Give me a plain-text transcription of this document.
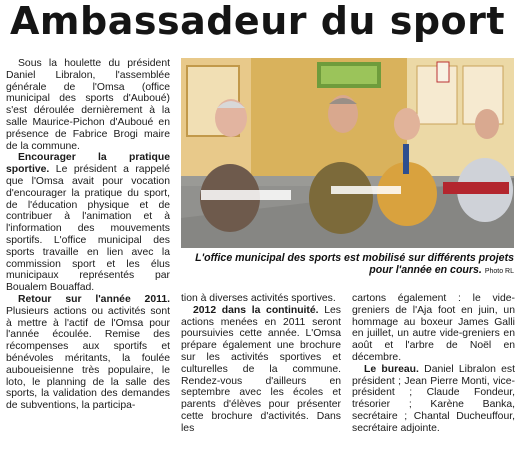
Ambassadeur du sport

Sous la houlette du président Daniel Libralon, l'assemblée générale de l'Omsa (office municipal des sports d'Auboué) s'est déroulée dernièrement à la salle Maurice-Pichon d'Auboué en présence de Fabrice Brogi maire de la commune.

Encourager la pratique sportive. Le président a rappelé que l'Omsa avait pour vocation d'encourager la pratique du sport, de l'éducation physique et de contribuer à l'animation et à l'information des mouvements sportifs. L'office municipal des sports travaille en lien avec la commission sport et les élus municipaux représentés par Boualem Bouaffad.

Retour sur l'année 2011. Plusieurs actions ou activités sont à mettre à l'actif de l'Omsa pour l'année écoulée. Remise des récompenses aux sportifs et bénévoles méritants, la foulée auboueisienne très populaire, le loto, le planning de la salle des sports, la validation des demandes de subventions, la participa-

L'office municipal des sports est mobilisé sur différents projets pour l'année en cours. Photo RL

tion à diverses activités sportives.

2012 dans la continuité. Les actions menées en 2011 seront poursuivies cette année. L'Omsa prépare également une brochure sur les activités sportives et culturelles de la commune. Rendez-vous d'ailleurs en septembre avec les écoles et parents d'élèves pour présenter cette brochure d'activités. Dans les

cartons également : le vide-greniers de l'Aja foot en juin, un hommage au boxeur James Galli en juillet, un autre vide-greniers en août et l'arbre de Noël en décembre.

Le bureau. Daniel Libralon est président ; Jean Pierre Monti, vice-président ; Claude Fondeur, trésorier ; Karène Banka, secrétaire ; Chantal Ducheuffour, secrétaire adjointe.
